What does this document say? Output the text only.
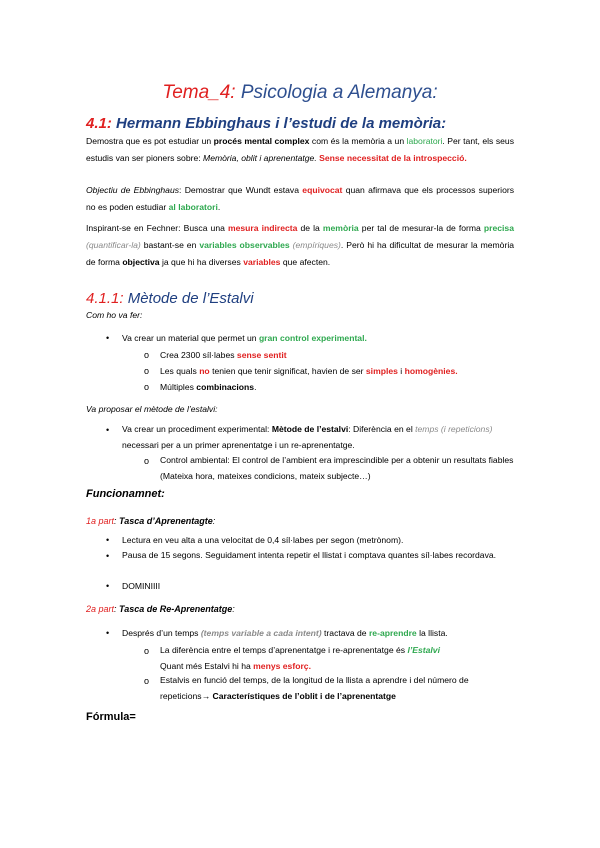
Tema_4: Psicologia a Alemanya:
4.1: Hermann Ebbinghaus i l’estudi de la memòria:
Demostra que es pot estudiar un procés mental complex com és la memòria a un laboratori. Per tant, els seus estudis van ser pioners sobre: Memòria, oblit i aprenentatge. Sense necessitat de la introspecció.
Objectiu de Ebbinghaus: Demostrar que Wundt estava equivocat quan afirmava que els processos superiors no es poden estudiar al laboratori.
Inspirant-se en Fechner: Busca una mesura indirecta de la memòria per tal de mesurar-la de forma precisa (quantificar-la) bastant-se en variables observables (empíriques). Però hi ha dificultat de mesurar la memòria de forma objectiva ja que hi ha diverses variables que afecten.
4.1.1: Mètode de l’Estalvi
Com ho va fer:
• Va crear un material que permet un gran control experimental.
o Crea 2300 síl·labes sense sentit
o Les quals no tenien que tenir significat, havien de ser simples i homogènies.
o Múltiples combinacions.
Va proposar el mètode de l’estalvi:
• Va crear un procediment experimental: Mètode de l’estalvi: Diferència en el temps (i repeticions) necessari per a un primer aprenentatge i un re-aprenentatge.
o Control ambiental: El control de l’ambient era imprescindible per a obtenir un resultats fiables (Mateixa hora, mateixes condicions, mateix subjecte…)
Funcionamnet:
1a part: Tasca d’Aprenentagte:
• Lectura en veu alta a una velocitat de 0,4 síl·labes per segon (metrònom).
• Pausa de 15 segons. Seguidament intenta repetir el llistat i comptava quantes síl·labes recordava.
• DOMINIIII
2a part: Tasca de Re-Aprenentatge:
• Després d’un temps (temps variable a cada intent) tractava de re-aprendre la llista.
o La diferència entre el temps d’aprenentatge i re-aprenentatge és l’Estalvi
Quant més Estalvi hi ha menys esforç.
o Estalvis en funció del temps, de la longitud de la llista a aprendre i del número de repeticions→ Característiques de l’oblit i de l’aprenentatge
Fórmula=
